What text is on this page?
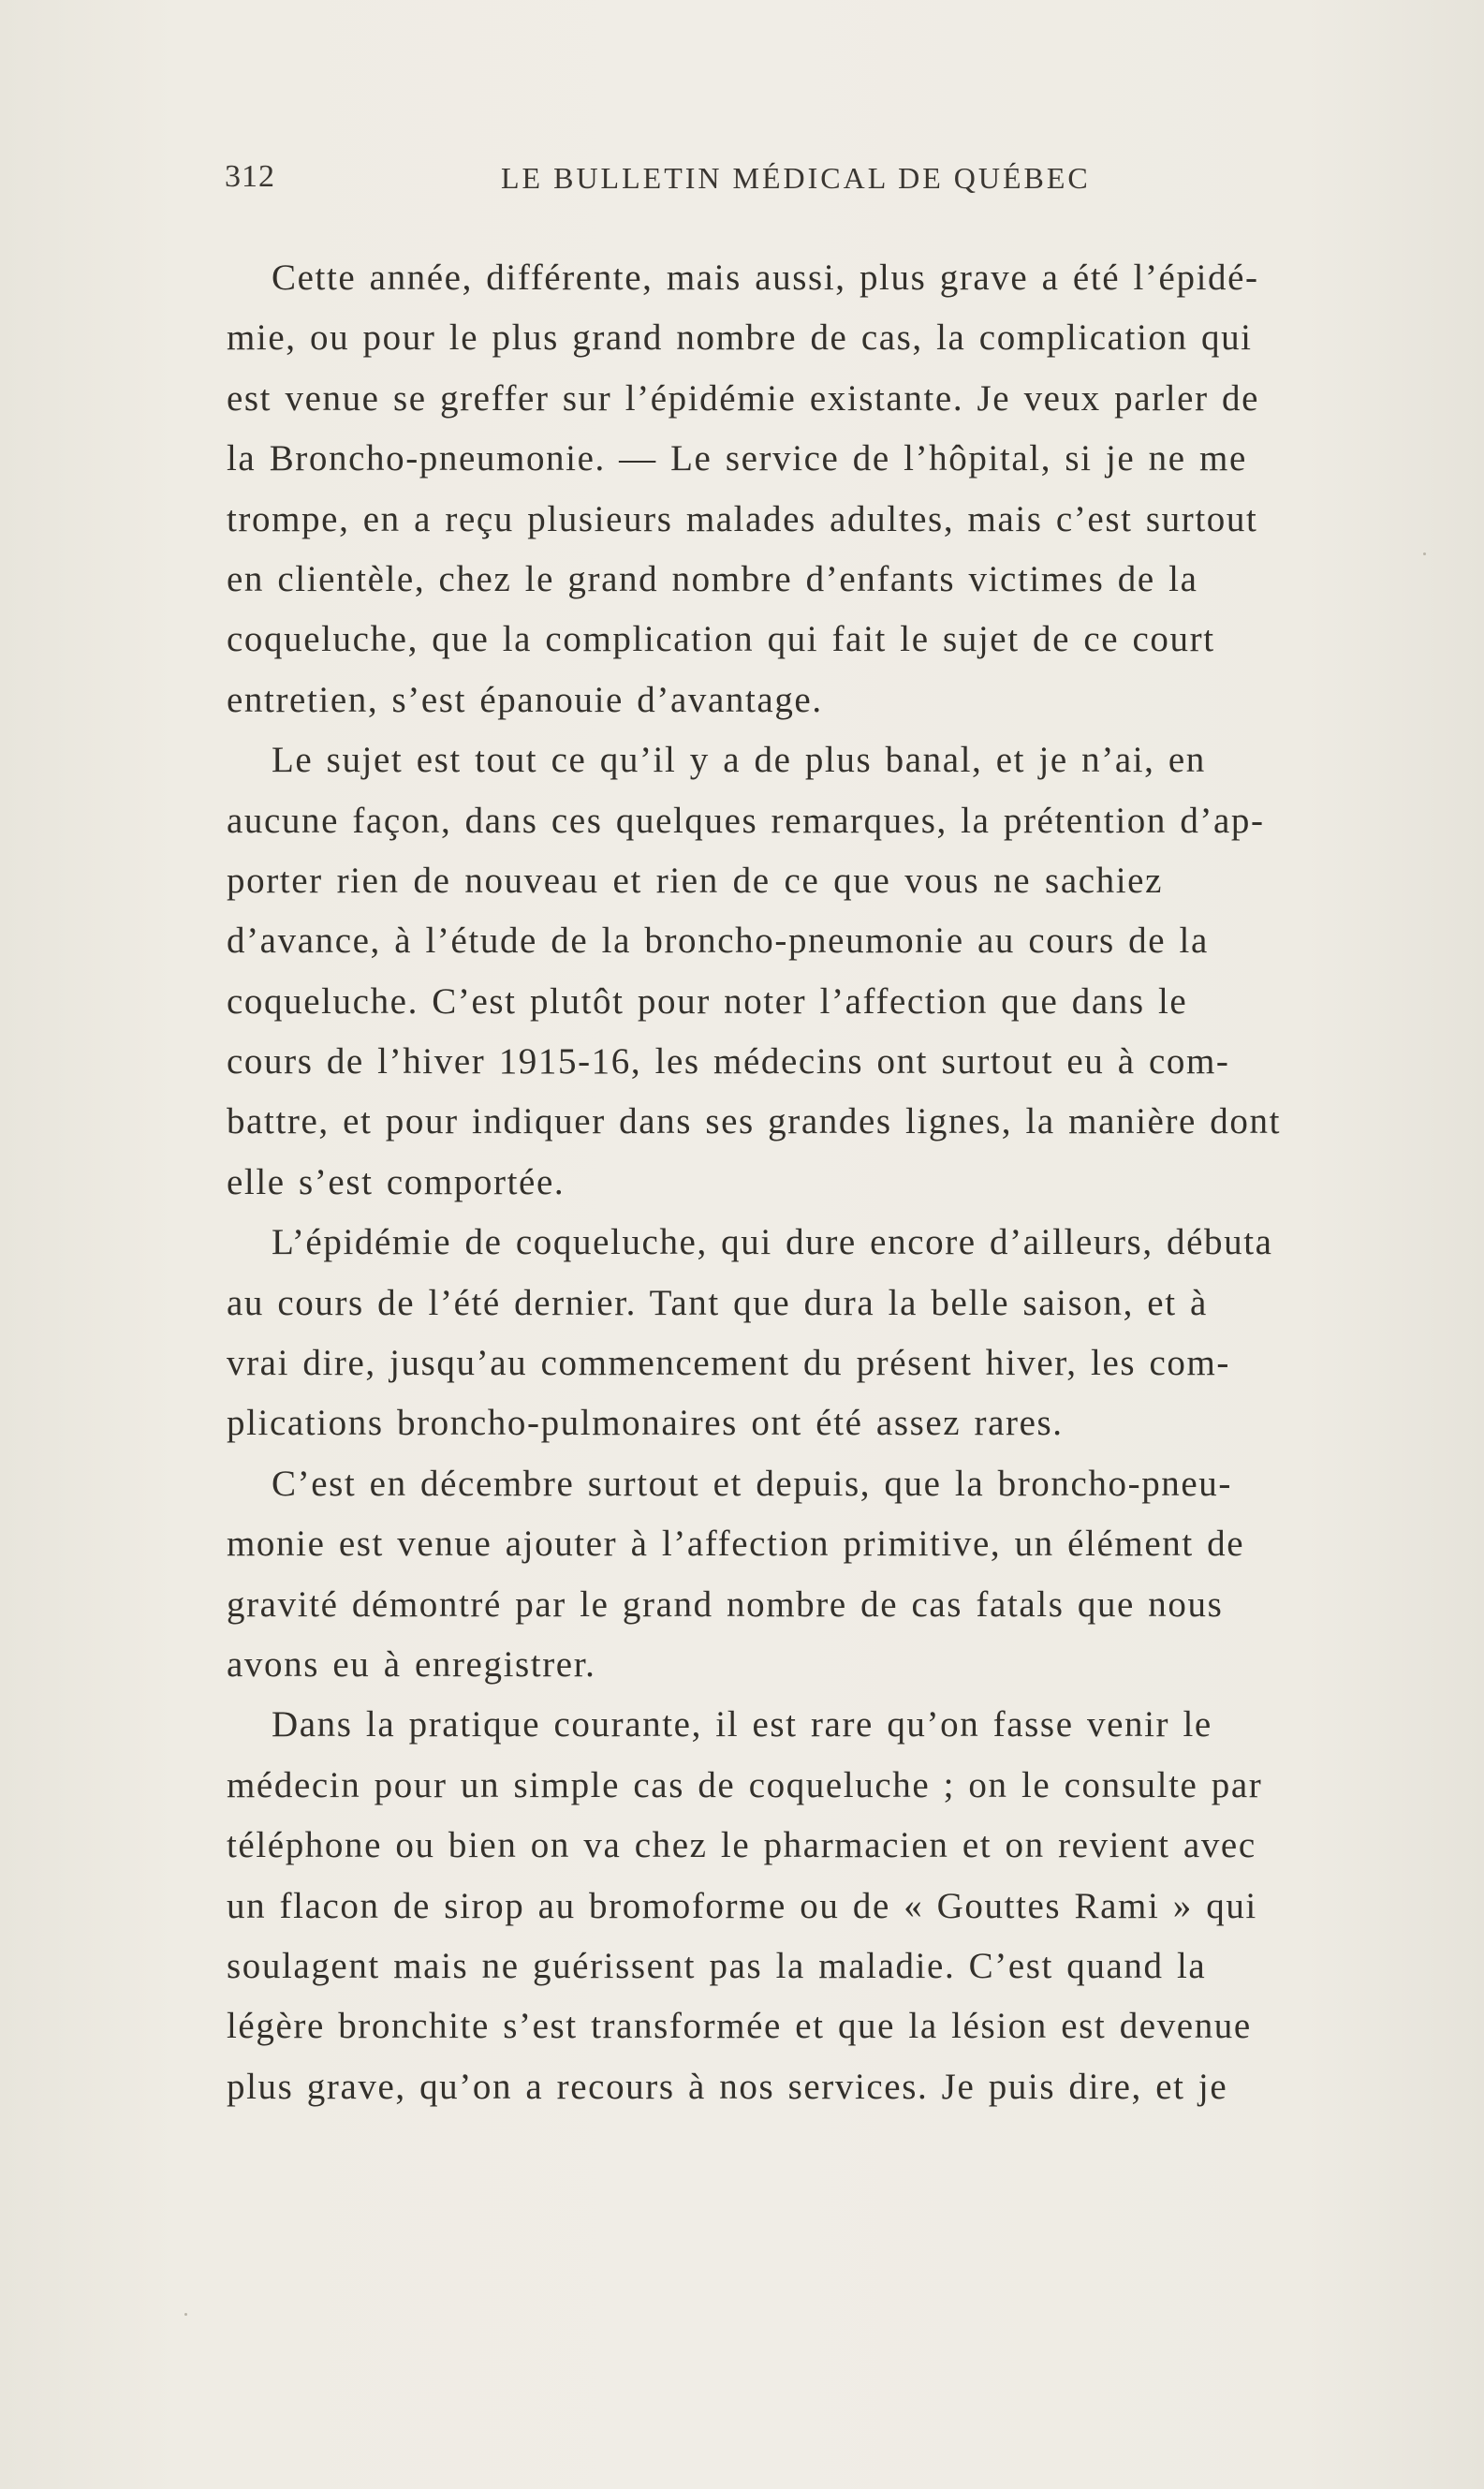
312	LE BULLETIN MÉDICAL DE QUÉBEC
Cette année, différente, mais aussi, plus grave a été l’épidé-
mie, ou pour le plus grand nombre de cas, la complication qui
est venue se greffer sur l’épidémie existante. Je veux parler de
la Broncho-pneumonie. — Le service de l’hôpital, si je ne me
trompe, en a reçu plusieurs malades adultes, mais c’est surtout
en clientèle, chez le grand nombre d’enfants victimes de la
coqueluche, que la complication qui fait le sujet de ce court
entretien, s’est épanouie d’avantage.
Le sujet est tout ce qu’il y a de plus banal, et je n’ai, en
aucune façon, dans ces quelques remarques, la prétention d’ap-
porter rien de nouveau et rien de ce que vous ne sachiez
d’avance, à l’étude de la broncho-pneumonie au cours de la
coqueluche. C’est plutôt pour noter l’affection que dans le
cours de l’hiver 1915-16, les médecins ont surtout eu à com-
battre, et pour indiquer dans ses grandes lignes, la manière dont
elle s’est comportée.
L’épidémie de coqueluche, qui dure encore d’ailleurs, débuta
au cours de l’été dernier. Tant que dura la belle saison, et à
vrai dire, jusqu’au commencement du présent hiver, les com-
plications broncho-pulmonaires ont été assez rares.
C’est en décembre surtout et depuis, que la broncho-pneu-
monie est venue ajouter à l’affection primitive, un élément de
gravité démontré par le grand nombre de cas fatals que nous
avons eu à enregistrer.
Dans la pratique courante, il est rare qu’on fasse venir le
médecin pour un simple cas de coqueluche ; on le consulte par
téléphone ou bien on va chez le pharmacien et on revient avec
un flacon de sirop au bromoforme ou de « Gouttes Rami » qui
soulagent mais ne guérissent pas la maladie. C’est quand la
légère bronchite s’est transformée et que la lésion est devenue
plus grave, qu’on a recours à nos services. Je puis dire, et je
